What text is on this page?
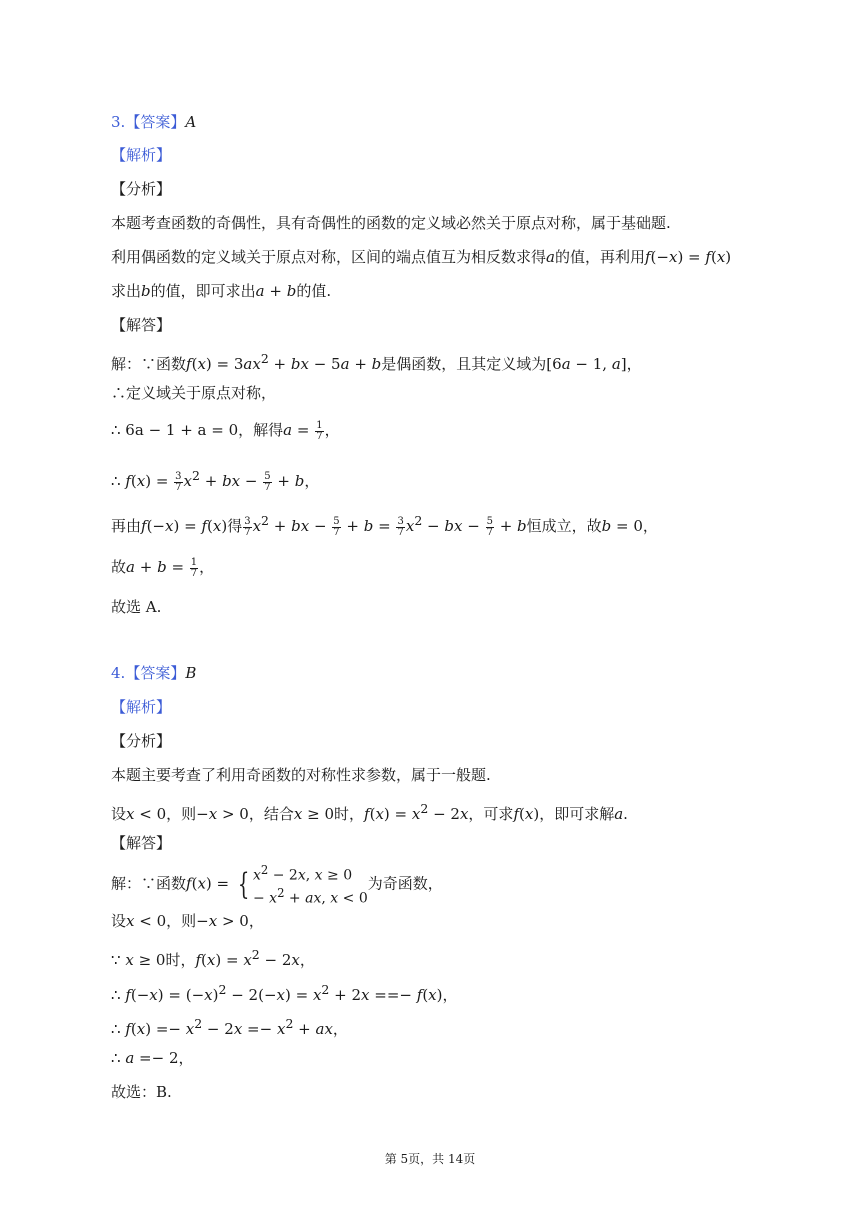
3.【答案】A
【解析】
【分析】
本题考查函数的奇偶性，具有奇偶性的函数的定义域必然关于原点对称，属于基础题.
利用偶函数的定义域关于原点对称，区间的端点值互为相反数求得a的值，再利用f(−x) = f(x)
求出b的值，即可求出a + b的值.
【解答】
解：∵函数$f(x) = 3ax^2$ + bx − 5a + b是偶函数，且其定义域为[6a − 1, a]，
∴定义域关于原点对称，
∴ 6a − 1 + a = 0，解得$a = \frac{1}{7}$ ，
∴ $f(x) = \frac{3}{7} x^2$ + bx − $\frac{5}{7} + b$，
再由f(−x) = f(x)得 $\frac{3}{7} x^2$ + bx − $\frac{5}{7} + b = \frac{3}{7} x^2$ − bx − $\frac{5}{7} + b$恒成立，故b = 0，
故$a + b = \frac{1}{7}$ ，
故选 A.
4.【答案】B
【解析】
【分析】
本题主要考查了利用奇函数的对称性求参数，属于一般题.
设x < 0，则−x > 0，结合x ≥ 0时，$f(x) = x^2 - 2x$，可求f(x)，即可求解a.
【解答】
解：∵函数f(x) = { $x^2 - 2x$, x ≥ 0
− $x^2$ + ax, x < 0
为奇函数，
设x < 0，则−x > 0，
∵ x ≥ 0时，$f(x) = x^2 - 2x$，
∴ $f(-x) = (-x)^2 - 2(-x) = x^2 + 2x$ ==− f(x)，
∴ $f(x) =- x^2 - 2x =- x^2$ + ax，
∴ a =− 2，
故选：B.
第 5页，共 14页
